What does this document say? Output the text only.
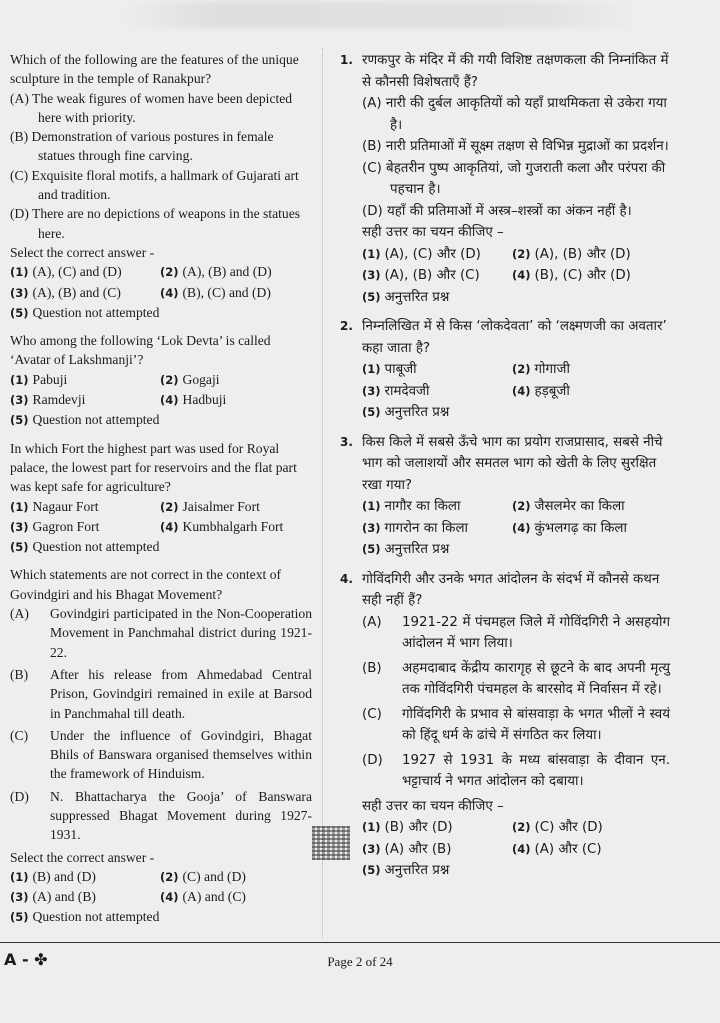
Which of the following are the features of the unique sculpture in the temple of Ranakpur?

(A) The weak figures of women have been depicted here with priority.

(B) Demonstration of various postures in female statues through fine carving.

(C) Exquisite floral motifs, a hallmark of Gujarati art and tradition.

(D) There are no depictions of weapons in the statues here.

Select the correct answer -

(1) (A), (C) and (D)	(2) (A), (B) and (D)
(3) (A), (B) and (C)	(4) (B), (C) and (D)
(5) Question not attempted

Who among the following ‘Lok Devta’ is called ‘Avatar of Lakshmanji’?

(1) Pabuji	(2) Gogaji
(3) Ramdevji	(4) Hadbuji
(5) Question not attempted

In which Fort the highest part was used for Royal palace, the lowest part for reservoirs and the flat part was kept safe for agriculture?

(1) Nagaur Fort	(2) Jaisalmer Fort
(3) Gagron Fort	(4) Kumbhalgarh Fort
(5) Question not attempted

Which statements are not correct in the context of Govindgiri and his Bhagat Movement?

(A)	Govindgiri participated in the Non-Cooperation Movement in Panchmahal district during 1921-22.
(B)	After his release from Ahmedabad Central Prison, Govindgiri remained in exile at Barsod in Panchmahal till death.
(C)	Under the influence of Govindgiri, Bhagat Bhils of Banswara organised themselves within the framework of Hinduism.
(D)	N. Bhattacharya the Gooja’ of Banswara suppressed Bhagat Movement during 1927-1931.

Select the correct answer -

(1) (B) and (D)	(2) (C) and (D)
(3) (A) and (B)	(4) (A) and (C)
(5) Question not attempted
1. रणकपुर के मंदिर में की गयी विशिष्ट तक्षणकला की निम्नांकित में से कौनसी विशेषताएँ हैं?

(A) नारी की दुर्बल आकृतियों को यहाँ प्राथमिकता से उकेरा गया है।

(B) नारी प्रतिमाओं में सूक्ष्म तक्षण से विभिन्न मुद्राओं का प्रदर्शन।

(C) बेहतरीन पुष्प आकृतियां, जो गुजराती कला और परंपरा की पहचान है।

(D) यहाँ की प्रतिमाओं में अस्त्र–शस्त्रों का अंकन नहीं है।

सही उत्तर का चयन कीजिए –

(1) (A), (C) और (D)	(2) (A), (B) और (D)
(3) (A), (B) और (C)	(4) (B), (C) और (D)
(5) अनुत्तरित प्रश्न
2. निम्नलिखित में से किस ‘लोकदेवता’ को ‘लक्ष्मणजी का अवतार’ कहा जाता है?

(1) पाबूजी	(2) गोगाजी
(3) रामदेवजी	(4) हड़बूजी
(5) अनुत्तरित प्रश्न
3. किस किले में सबसे ऊँचे भाग का प्रयोग राजप्रासाद, सबसे नीचे भाग को जलाशयों और समतल भाग को खेती के लिए सुरक्षित रखा गया?

(1) नागौर का किला	(2) जैसलमेर का किला
(3) गागरोन का किला	(4) कुंभलगढ़ का किला
(5) अनुत्तरित प्रश्न
4. गोविंदगिरी और उनके भगत आंदोलन के संदर्भ में कौनसे कथन सही नहीं हैं?

(A)	1921-22 में पंचमहल जिले में गोविंदगिरी ने असहयोग आंदोलन में भाग लिया।
(B)	अहमदाबाद केंद्रीय कारागृह से छूटने के बाद अपनी मृत्यु तक गोविंदगिरी पंचमहल के बारसोद में निर्वासन में रहे।
(C)	गोविंदगिरी के प्रभाव से बांसवाड़ा के भगत भीलों ने स्वयं को हिंदू धर्म के ढांचे में संगठित कर लिया।
(D)	1927 से 1931 के मध्य बांसवाड़ा के दीवान एन. भट्टाचार्य ने भगत आंदोलन को दबाया।

सही उत्तर का चयन कीजिए –

(1) (B) और (D)	(2) (C) और (D)
(3) (A) और (B)	(4) (A) और (C)
(5) अनुत्तरित प्रश्न
A - ✤	Page 2 of 24
